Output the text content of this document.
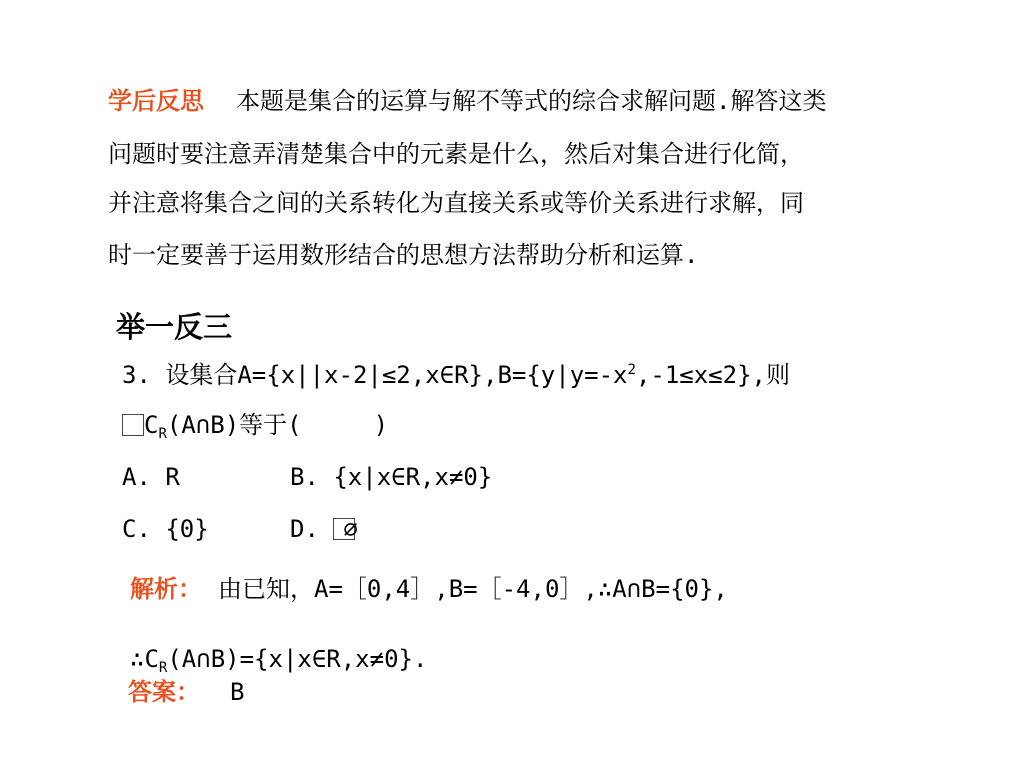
学后反思 本题是集合的运算与解不等式的综合求解问题.解答这类
问题时要注意弄清楚集合中的元素是什么，然后对集合进行化简，
并注意将集合之间的关系转化为直接关系或等价关系进行求解，同
时一定要善于运用数形结合的思想方法帮助分析和运算.
举一反三
3. 设集合$A=\{x||x-2|\le 2,x\in R\},B=\{y|y=-x^2,-1\le x\le 2\}$,则
$C_R(A\cap B)$等于(　　　)
A. R	B. {x|x∈R,x≠0}
C. {0}	D. ∅
解析： 由已知，A=［0,4］,B=［-4,0］,∴A∩B={0},
$\therefore C_R(A\cap B)=\{x|x\in R,x\ne 0\}$.
答案： B
